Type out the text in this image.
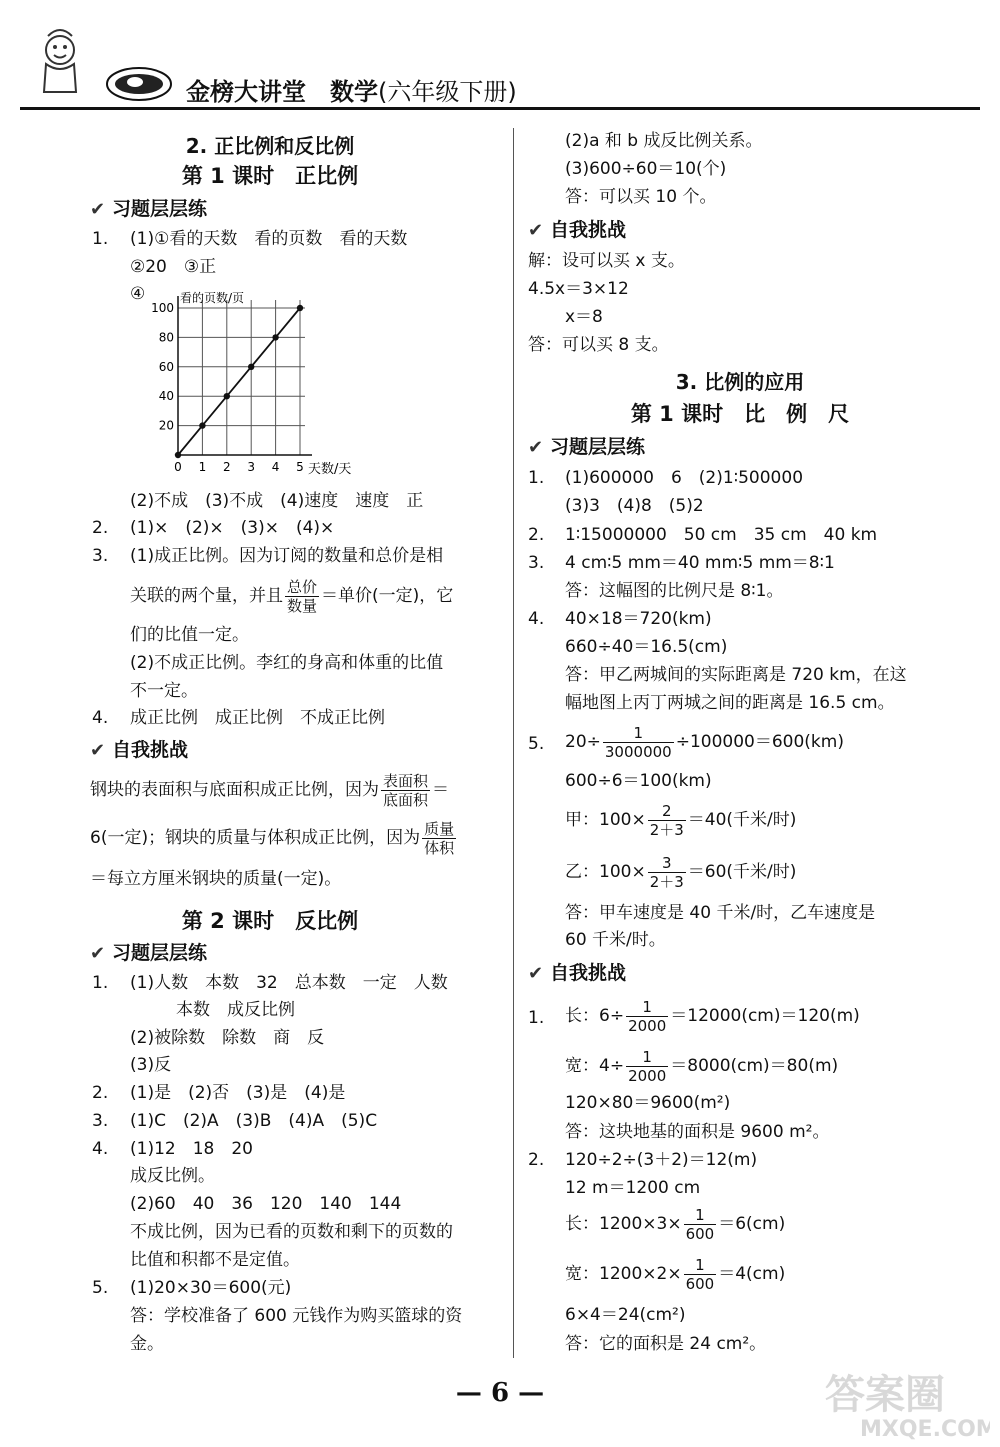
金榜大讲堂　 数学(六年级下册)
2. 正比例和反比例
第 1 课时　正比例
✔ 习题层层练
1. (1)①看的天数　看的页数　看的天数
②20　③正
④
0 1 2 3 4 5
20
40
60
80
100
看的页数/页
天数/天
(2)不成　(3)不成　(4)速度　速度　正
2. (1)×　(2)×　(3)×　(4)×
3. (1)成正比例。因为订阅的数量和总价是相
关联的两个量，并且 $\frac{\text{总价}}{\text{数量}}$ ＝单价(一定)，它
们的比值一定。
(2)不成正比例。李红的身高和体重的比值
不一定。
4. 成正比例　成正比例　不成正比例
✔ 自我挑战
钢块的表面积与底面积成正比例，因为 $\frac{\text{表面积}}{\text{底面积}}$ ＝
6(一定)；钢块的质量与体积成正比例，因为 $\frac{\text{质量}}{\text{体积}}$
＝每立方厘米钢块的质量(一定)。
第 2 课时　反比例
✔ 习题层层练
1. (1)人数　本数　32　总本数　一定　人数
本数　成反比例
(2)被除数　除数　商　反
(3)反
2. (1)是　(2)否　(3)是　(4)是
3. (1)C　(2)A　(3)B　(4)A　(5)C
4. (1)12　18　20
成反比例。
(2)60　40　36　120　140　144
不成比例，因为已看的页数和剩下的页数的
比值和积都不是定值。
5. (1)20×30＝600(元)
答：学校准备了 600 元钱作为购买篮球的资
金。
(2)a 和 b 成反比例关系。
(3)600÷60＝10(个)
答：可以买 10 个。
✔ 自我挑战
解：设可以买 x 支。
4.5x＝3×12
x＝8
答：可以买 8 支。
3. 比例的应用
第 1 课时　比　例　尺
✔ 习题层层练
1. (1)600000　6　(2)1∶500000
(3)3　(4)8　(5)2
2. 1∶15000000　50 cm　35 cm　40 km
3. 4 cm∶5 mm＝40 mm∶5 mm＝8∶1
答：这幅图的比例尺是 8∶1。
4. 40×18＝720(km)
660÷40＝16.5(cm)
答：甲乙两城间的实际距离是 720 km，在这
幅地图上丙丁两城之间的距离是 16.5 cm。
5. $20\div \frac{1}{3000000} \div 100000=600(km)$
600÷6＝100(km)
甲：$100\times \frac{2}{2+3} =40$(千米/时)
乙：$100\times \frac{3}{2+3} =60$(千米/时)
答：甲车速度是 40 千米/时，乙车速度是
60 千米/时。
✔ 自我挑战
1. 长：$6\div \frac{1}{2000} =12000(cm)=120(m)$
宽：$4\div \frac{1}{2000} =8000(cm)=80(m)$
120×80＝9600(m²)
答：这块地基的面积是 9600 m²。
2. 120÷2÷(3＋2)＝12(m)
12 m＝1200 cm
长：$1200\times 3\times \frac{1}{600} =6(cm)$
宽：$1200\times 2\times \frac{1}{600} =4(cm)$
6×4＝24(cm²)
答：它的面积是 24 cm²。
— 6 —	答案圈
MXQE.COM
